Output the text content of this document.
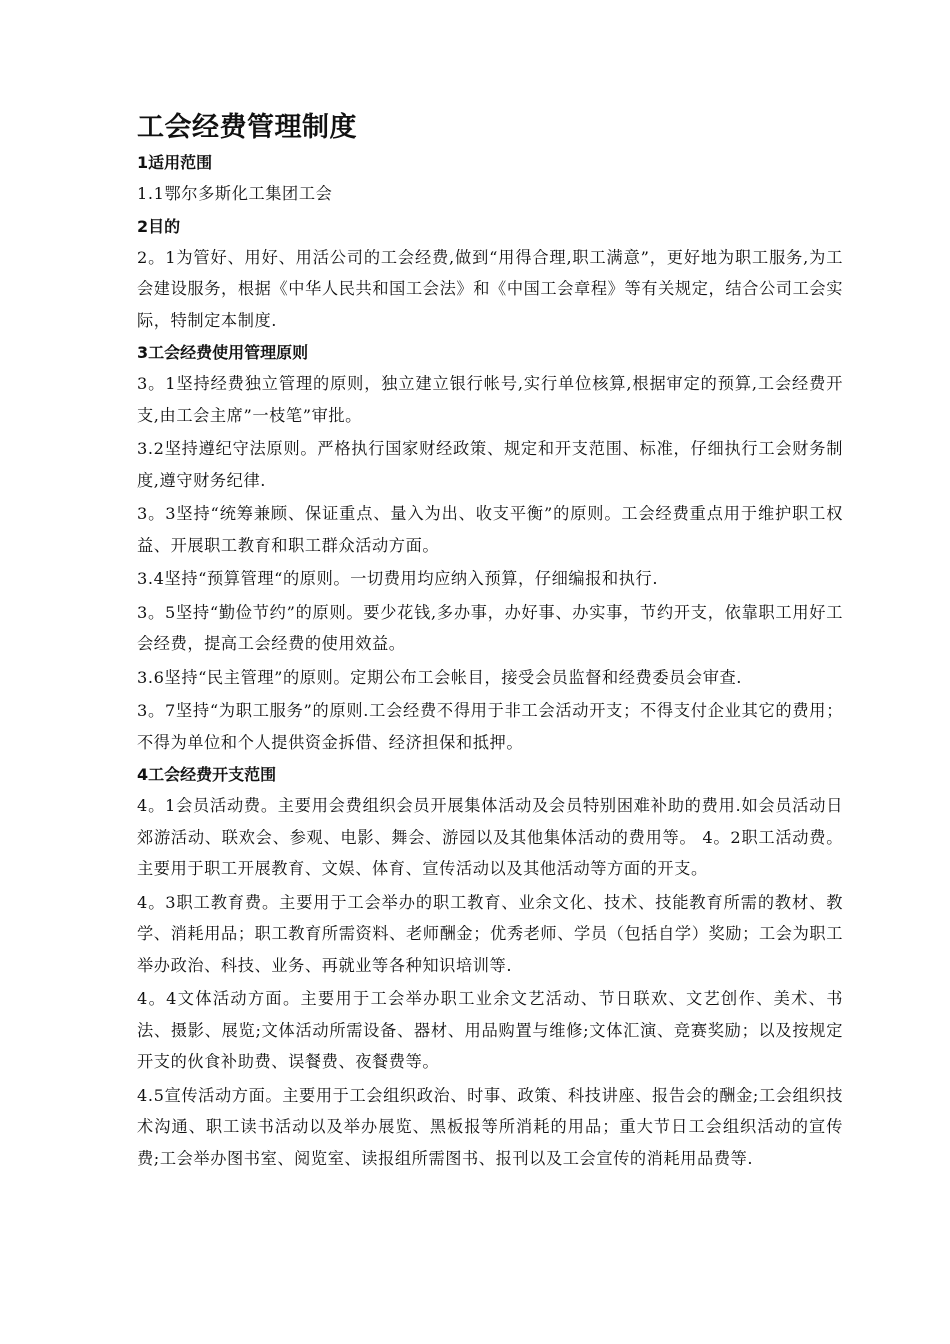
工会经费管理制度
1适用范围

1.1鄂尔多斯化工集团工会

2目的

2。1为管好、用好、用活公司的工会经费,做到“用得合理,职工满意”，更好地为职工服务,为工会建设服务，根据《中华人民共和国工会法》和《中国工会章程》等有关规定，结合公司工会实际，特制定本制度.

3工会经费使用管理原则

3。1坚持经费独立管理的原则，独立建立银行帐号,实行单位核算,根据审定的预算,工会经费开支,由工会主席”一枝笔”审批。

3.2坚持遵纪守法原则。严格执行国家财经政策、规定和开支范围、标准，仔细执行工会财务制度,遵守财务纪律.

3。3坚持“统筹兼顾、保证重点、量入为出、收支平衡”的原则。工会经费重点用于维护职工权益、开展职工教育和职工群众活动方面。

3.4坚持“预算管理“的原则。一切费用均应纳入预算，仔细编报和执行.

3。5坚持“勤俭节约”的原则。要少花钱,多办事，办好事、办实事，节约开支，依靠职工用好工会经费，提高工会经费的使用效益。

3.6坚持“民主管理”的原则。定期公布工会帐目，接受会员监督和经费委员会审查.

3。7坚持“为职工服务”的原则.工会经费不得用于非工会活动开支；不得支付企业其它的费用；不得为单位和个人提供资金拆借、经济担保和抵押。

4工会经费开支范围

4。1会员活动费。主要用会费组织会员开展集体活动及会员特别困难补助的费用.如会员活动日郊游活动、联欢会、参观、电影、舞会、游园以及其他集体活动的费用等。 4。2职工活动费。主要用于职工开展教育、文娱、体育、宣传活动以及其他活动等方面的开支。

4。3职工教育费。主要用于工会举办的职工教育、业余文化、技术、技能教育所需的教材、教学、消耗用品；职工教育所需资料、老师酬金；优秀老师、学员（包括自学）奖励；工会为职工举办政治、科技、业务、再就业等各种知识培训等.

4。4文体活动方面。主要用于工会举办职工业余文艺活动、节日联欢、文艺创作、美术、书法、摄影、展览;文体活动所需设备、器材、用品购置与维修;文体汇演、竞赛奖励；以及按规定开支的伙食补助费、误餐费、夜餐费等。

4.5宣传活动方面。主要用于工会组织政治、时事、政策、科技讲座、报告会的酬金;工会组织技术沟通、职工读书活动以及举办展览、黑板报等所消耗的用品；重大节日工会组织活动的宣传费;工会举办图书室、阅览室、读报组所需图书、报刊以及工会宣传的消耗用品费等.
